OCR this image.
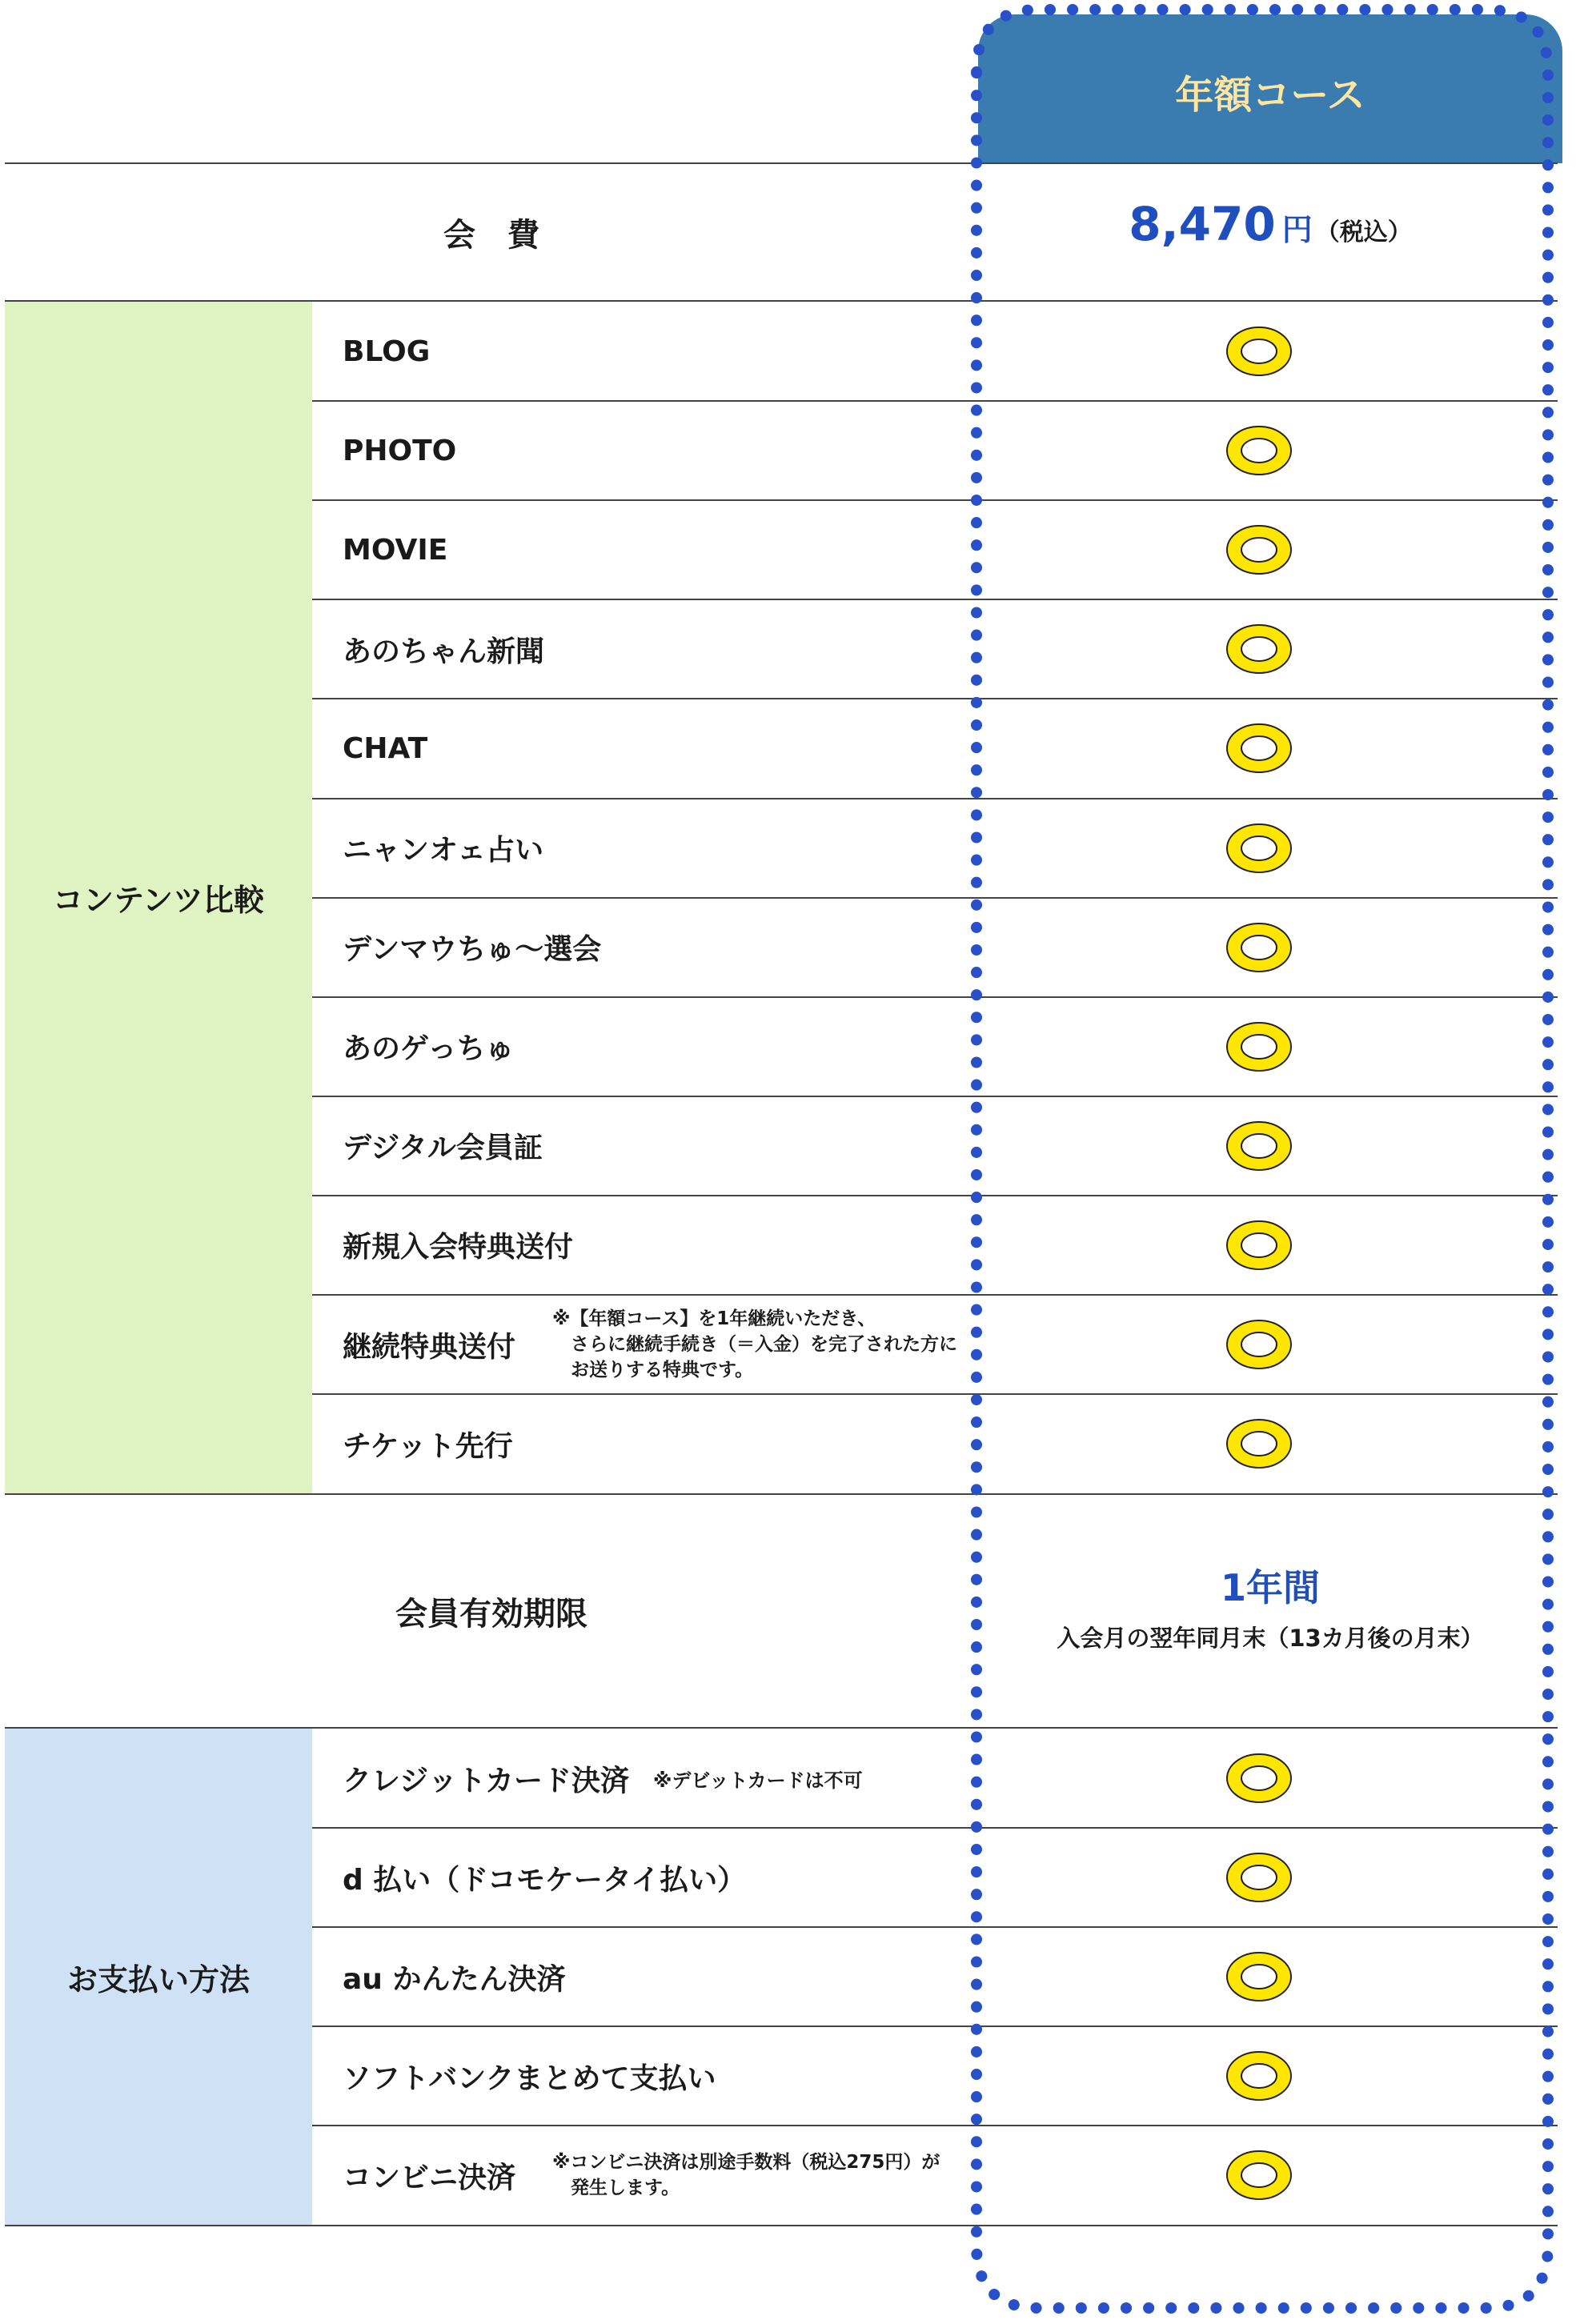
年額コース
会　費	8,470 円 （税込）
コンテンツ比較
BLOG
PHOTO
MOVIE
あのちゃん新聞
CHAT
ニャンオェ占い
デンマウちゅ〜選会
あのゲっちゅ
デジタル会員証
新規入会特典送付
継続特典送付
※【年額コース】を1年継続いただき、
　さらに継続手続き（＝入金）を完了された方に
　お送りする特典です。
チケット先行
会員有効期限
1年間
入会月の翌年同月末（13カ月後の月末）
お支払い方法
クレジットカード決済 ※デビットカードは不可
d 払い（ドコモケータイ払い）
au かんたん決済
ソフトバンクまとめて支払い
コンビニ決済 ※コンビニ決済は別途手数料（税込275円）が
　発生します。
